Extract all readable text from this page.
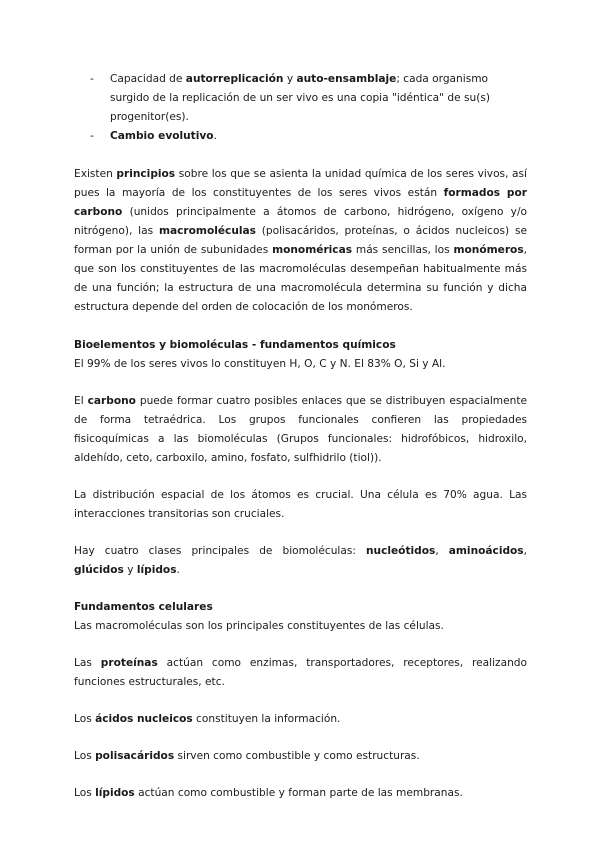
- Capacidad de autorreplicación y auto-ensamblaje; cada organismo surgido de la replicación de un ser vivo es una copia "idéntica" de su(s) progenitor(es).
- Cambio evolutivo.

Existen principios sobre los que se asienta la unidad química de los seres vivos, así pues la mayoría de los constituyentes de los seres vivos están formados por carbono (unidos principalmente a átomos de carbono, hidrógeno, oxígeno y/o nitrógeno), las macromoléculas (polisacáridos, proteínas, o ácidos nucleicos) se forman por la unión de subunidades monoméricas más sencillas, los monómeros, que son los constituyentes de las macromoléculas desempeñan habitualmente más de una función; la estructura de una macromolécula determina su función y dicha estructura depende del orden de colocación de los monómeros.

Bioelementos y biomoléculas - fundamentos químicos

El 99% de los seres vivos lo constituyen H, O, C y N. El 83% O, Si y Al.

El carbono puede formar cuatro posibles enlaces que se distribuyen espacialmente de forma tetraédrica. Los grupos funcionales confieren las propiedades fisicoquímicas a las biomoléculas (Grupos funcionales: hidrofóbicos, hidroxilo, aldehído, ceto, carboxilo, amino, fosfato, sulfhidrilo (tiol)).

La distribución espacial de los átomos es crucial. Una célula es 70% agua. Las interacciones transitorias son cruciales.

Hay cuatro clases principales de biomoléculas: nucleótidos, aminoácidos, glúcidos y lípidos.

Fundamentos celulares

Las macromoléculas son los principales constituyentes de las células.

Las proteínas actúan como enzimas, transportadores, receptores, realizando funciones estructurales, etc.

Los ácidos nucleicos constituyen la información.

Los polisacáridos sirven como combustible y como estructuras.

Los lípidos actúan como combustible y forman parte de las membranas.
